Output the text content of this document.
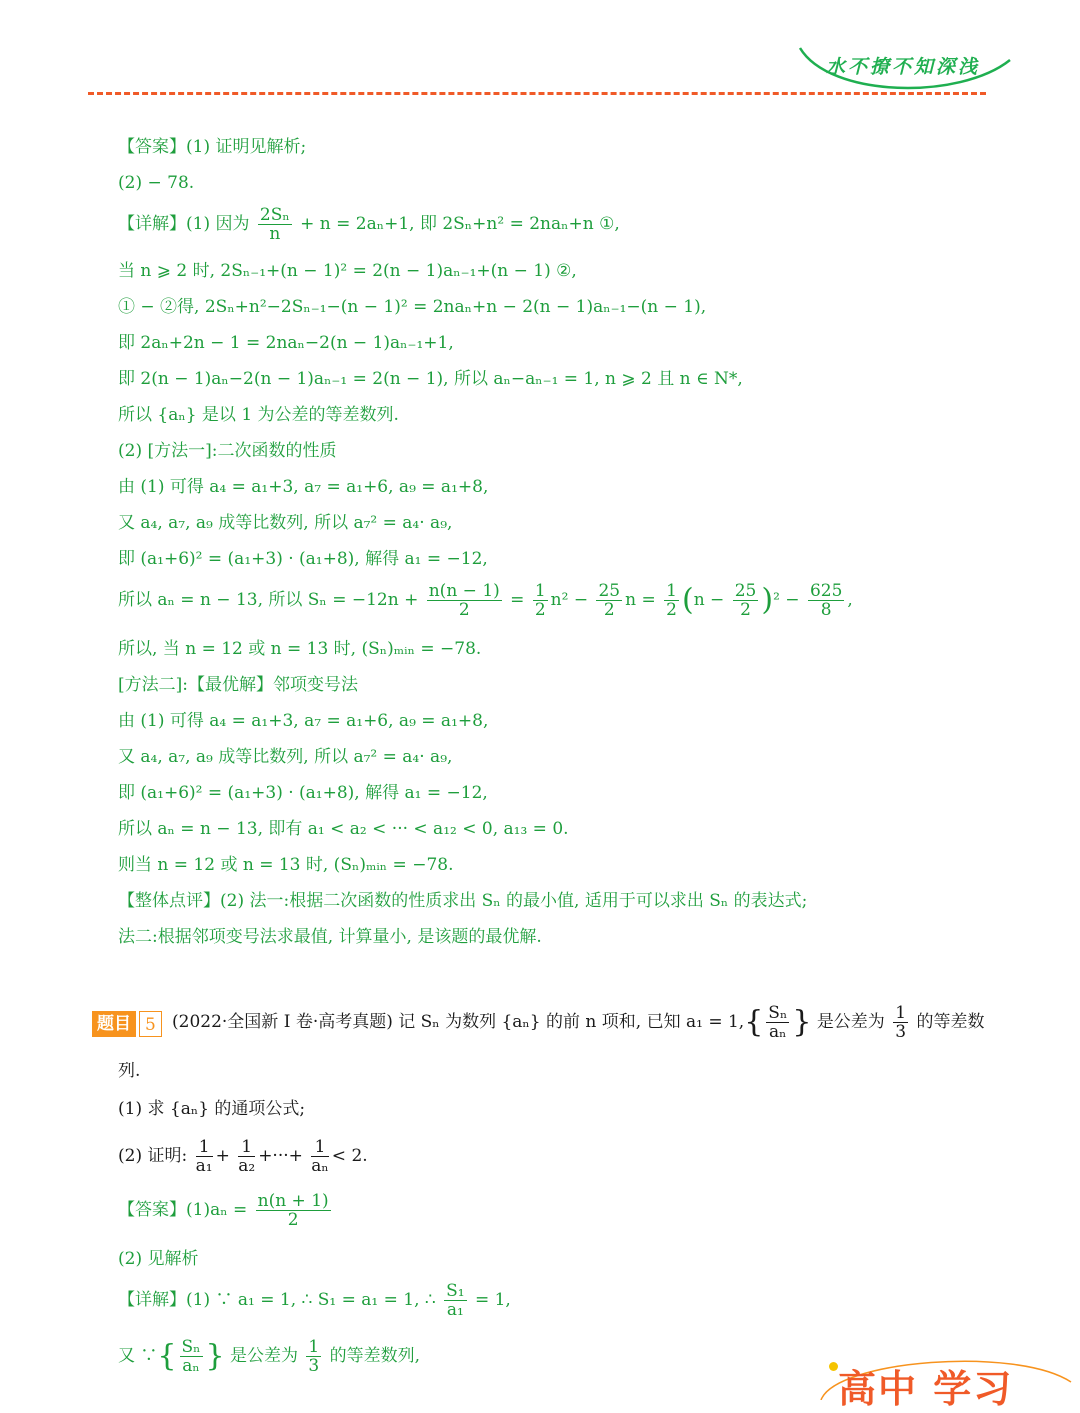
水不撩不知深浅
【答案】(1) 证明见解析;
(2) − 78.
【详解】(1) 因为 $\frac{\text{2Sₙ}}{n} + n = 2a_n+1$, 即 2Sₙ+n² = 2naₙ+n ①,
当 n ⩾ 2 时, 2Sₙ₋₁+(n − 1)² = 2(n − 1)aₙ₋₁+(n − 1) ②,
① − ②得, 2Sₙ+n²−2Sₙ₋₁−(n − 1)² = 2naₙ+n − 2(n − 1)aₙ₋₁−(n − 1),
即 2aₙ+2n − 1 = 2naₙ−2(n − 1)aₙ₋₁+1,
即 2(n − 1)aₙ−2(n − 1)aₙ₋₁ = 2(n − 1), 所以 aₙ−aₙ₋₁ = 1, n ⩾ 2 且 n ∈ N*,
所以 {aₙ} 是以 1 为公差的等差数列.
(2) [方法一]:二次函数的性质
由 (1) 可得 a₄ = a₁+3, a₇ = a₁+6, a₉ = a₁+8,
又 a₄, a₇, a₉ 成等比数列, 所以 a₇² = a₄· a₉,
即 (a₁+6)² = (a₁+3) · (a₁+8), 解得 a₁ = −12,
所以 aₙ = n − 13, 所以 $S_n = -12n + \frac{n(n - 1)}{2} = \frac{1}{2} n^2 - \frac{25}{2}$ $n = \frac{1}{2} (n - \frac{25}{2} )^2 - \frac{625}{8}$ ,
所以, 当 n = 12 或 n = 13 时, (Sₙ)ₘᵢₙ = −78.
[方法二]:【最优解】邻项变号法
由 (1) 可得 a₄ = a₁+3, a₇ = a₁+6, a₉ = a₁+8,
又 a₄, a₇, a₉ 成等比数列, 所以 a₇² = a₄· a₉,
即 (a₁+6)² = (a₁+3) · (a₁+8), 解得 a₁ = −12,
所以 aₙ = n − 13, 即有 a₁ < a₂ < ··· < a₁₂ < 0, a₁₃ = 0.
则当 n = 12 或 n = 13 时, (Sₙ)ₘᵢₙ = −78.
【整体点评】(2) 法一:根据二次函数的性质求出 Sₙ 的最小值, 适用于可以求出 Sₙ 的表达式;
法二:根据邻项变号法求最值, 计算量小, 是该题的最优解.
题目 5 (2022·全国新 I 卷·高考真题) 记 Sₙ 为数列 {aₙ} 的前 n 项和, 已知 $a_1 = 1,\{ \frac{\text{Sₙ}}{\text{aₙ}}$ } 是公差为 $\frac{1}{3}$ 的等差数
列.
(1) 求 {aₙ} 的通项公式;
(2) 证明: $\frac{1}{\text{a₁}} + \frac{1}{\text{a₂}}$ +···+ $\frac{1}{\text{aₙ}} < 2$.
【答案】$(1)a_n = \frac{n(n + 1)}{2}$
(2) 见解析
【详解】(1) ∵ a₁ = 1, ∴ S₁ = a₁ = 1, ∴ $\frac{\text{S₁}}{\text{a₁}} = 1$,
又 ∵{ $\frac{\text{Sₙ}}{\text{aₙ}}$ } 是公差为 $\frac{1}{3}$ 的等差数列,
高中 学习
